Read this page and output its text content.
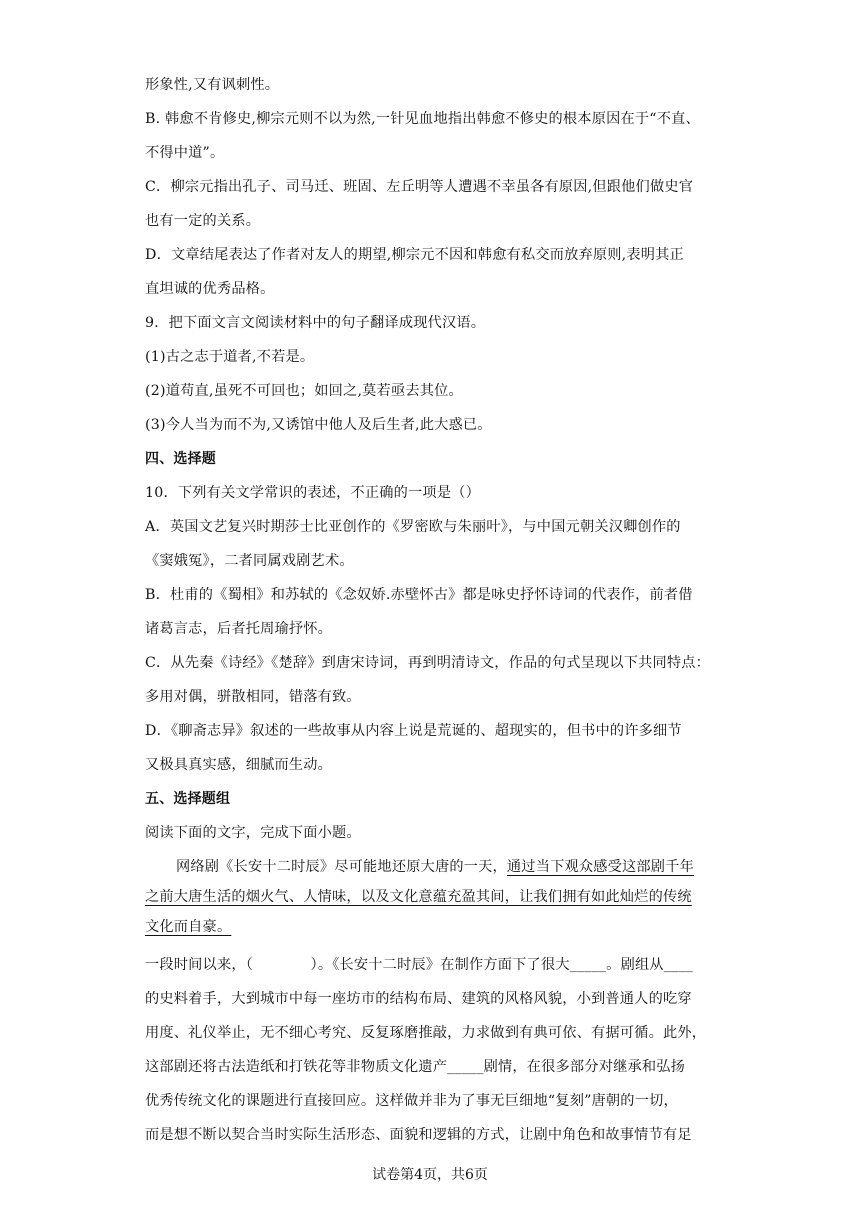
形象性,又有讽刺性。
B. 韩愈不肯修史,柳宗元则不以为然,一针见血地指出韩愈不修史的根本原因在于“不直、
不得中道”。
C．柳宗元指出孔子、司马迁、班固、左丘明等人遭遇不幸虽各有原因,但跟他们做史官
也有一定的关系。
D．文章结尾表达了作者对友人的期望,柳宗元不因和韩愈有私交而放弃原则,表明其正
直坦诚的优秀品格。
9．把下面文言文阅读材料中的句子翻译成现代汉语。
(1)古之志于道者,不若是。
(2)道苟直,虽死不可回也；如回之,莫若亟去其位。
(3)今人当为而不为,又诱馆中他人及后生者,此大惑已。
四、选择题
10．下列有关文学常识的表述，不正确的一项是（）
A．英国文艺复兴时期莎士比亚创作的《罗密欧与朱丽叶》，与中国元朝关汉卿创作的
《窦娥冤》，二者同属戏剧艺术。
B．杜甫的《蜀相》和苏轼的《念奴娇.赤壁怀古》都是咏史抒怀诗词的代表作，前者借
诸葛言志，后者托周瑜抒怀。
C．从先秦《诗经》《楚辞》到唐宋诗词，再到明清诗文，作品的句式呈现以下共同特点：
多用对偶，骈散相同，错落有致。
D．《聊斋志异》叙述的一些故事从内容上说是荒诞的、超现实的，但书中的许多细节
又极具真实感，细腻而生动。
五、选择题组
阅读下面的文字，完成下面小题。
网络剧《长安十二时辰》尽可能地还原大唐的一天，通过当下观众感受这部剧千年
之前大唐生活的烟火气、人情味，以及文化意蕴充盈其间，让我们拥有如此灿烂的传统
文化而自豪。
一段时间以来，（　　　　）。《长安十二时辰》在制作方面下了很大_____。剧组从____
的史料着手，大到城市中每一座坊市的结构布局、建筑的风格风貌，小到普通人的吃穿
用度、礼仪举止，无不细心考究、反复琢磨推敲，力求做到有典可依、有据可循。此外，
这部剧还将古法造纸和打铁花等非物质文化遗产_____剧情，在很多部分对继承和弘扬
优秀传统文化的课题进行直接回应。这样做并非为了事无巨细地“复刻”唐朝的一切，
而是想不断以契合当时实际生活形态、面貌和逻辑的方式，让剧中角色和故事情节有足
试卷第4页，共6页
